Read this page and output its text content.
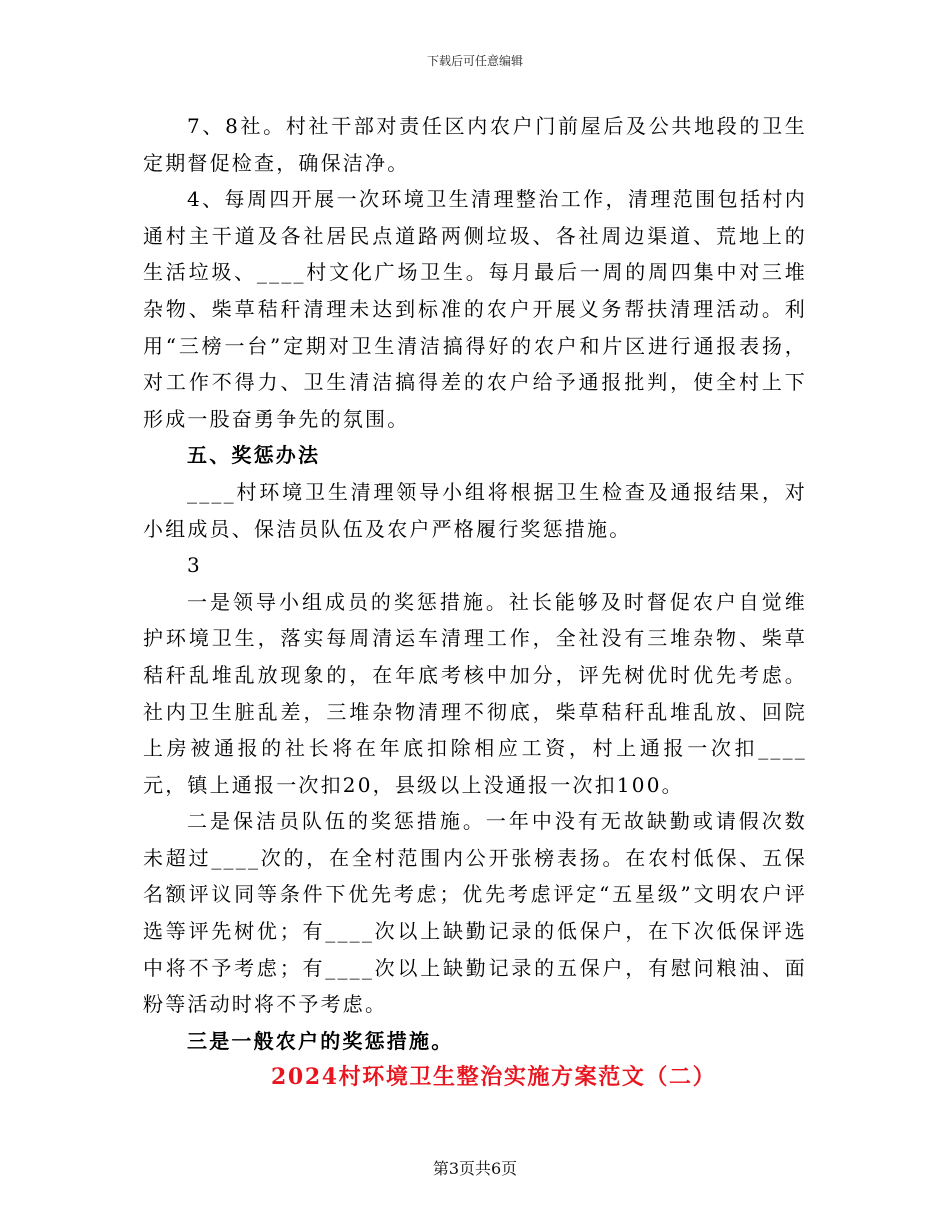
下载后可任意编辑

7、8社。村社干部对责任区内农户门前屋后及公共地段的卫生定期督促检查，确保洁净。

4、每周四开展一次环境卫生清理整治工作，清理范围包括村内通村主干道及各社居民点道路两侧垃圾、各社周边渠道、荒地上的生活垃圾、____村文化广场卫生。每月最后一周的周四集中对三堆杂物、柴草秸秆清理未达到标准的农户开展义务帮扶清理活动。利用“三榜一台”定期对卫生清洁搞得好的农户和片区进行通报表扬，对工作不得力、卫生清洁搞得差的农户给予通报批判，使全村上下形成一股奋勇争先的氛围。

五、奖惩办法

____村环境卫生清理领导小组将根据卫生检查及通报结果，对小组成员、保洁员队伍及农户严格履行奖惩措施。

3

一是领导小组成员的奖惩措施。社长能够及时督促农户自觉维护环境卫生，落实每周清运车清理工作，全社没有三堆杂物、柴草秸秆乱堆乱放现象的，在年底考核中加分，评先树优时优先考虑。社内卫生脏乱差，三堆杂物清理不彻底，柴草秸秆乱堆乱放、回院上房被通报的社长将在年底扣除相应工资，村上通报一次扣____元，镇上通报一次扣20，县级以上没通报一次扣100。

二是保洁员队伍的奖惩措施。一年中没有无故缺勤或请假次数未超过____次的，在全村范围内公开张榜表扬。在农村低保、五保名额评议同等条件下优先考虑；优先考虑评定“五星级”文明农户评选等评先树优；有____次以上缺勤记录的低保户，在下次低保评选中将不予考虑；有____次以上缺勤记录的五保户，有慰问粮油、面粉等活动时将不予考虑。

三是一般农户的奖惩措施。

2024村环境卫生整治实施方案范文（二）

第3页共6页
